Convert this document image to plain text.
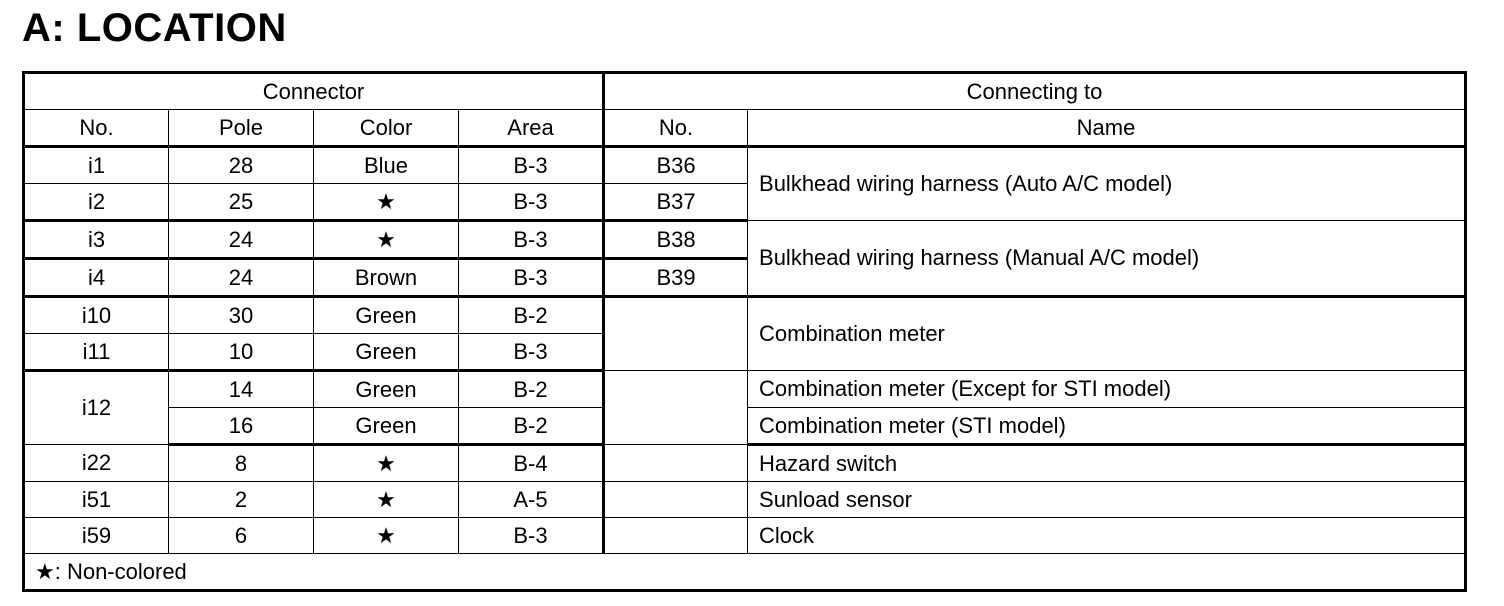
A: LOCATION
Connector				Connecting to	
No.	Pole	Color	Area	No.	Name
i1	28	Blue	B-3	B36	Bulkhead wiring harness (Auto A/C model)
i2	25	★	B-3	B37	
i3	24	★	B-3	B38	Bulkhead wiring harness (Manual A/C model)
i4	24	Brown	B-3	B39	
i10	30	Green	B-2		Combination meter
i11	10	Green	B-3		
i12	14	Green	B-2		Combination meter (Except for STI model)
	16	Green	B-2		Combination meter (STI model)
i22	8	★	B-4		Hazard switch
i51	2	★	A-5		Sunload sensor
i59	6	★	B-3		Clock
★: Non-colored					
